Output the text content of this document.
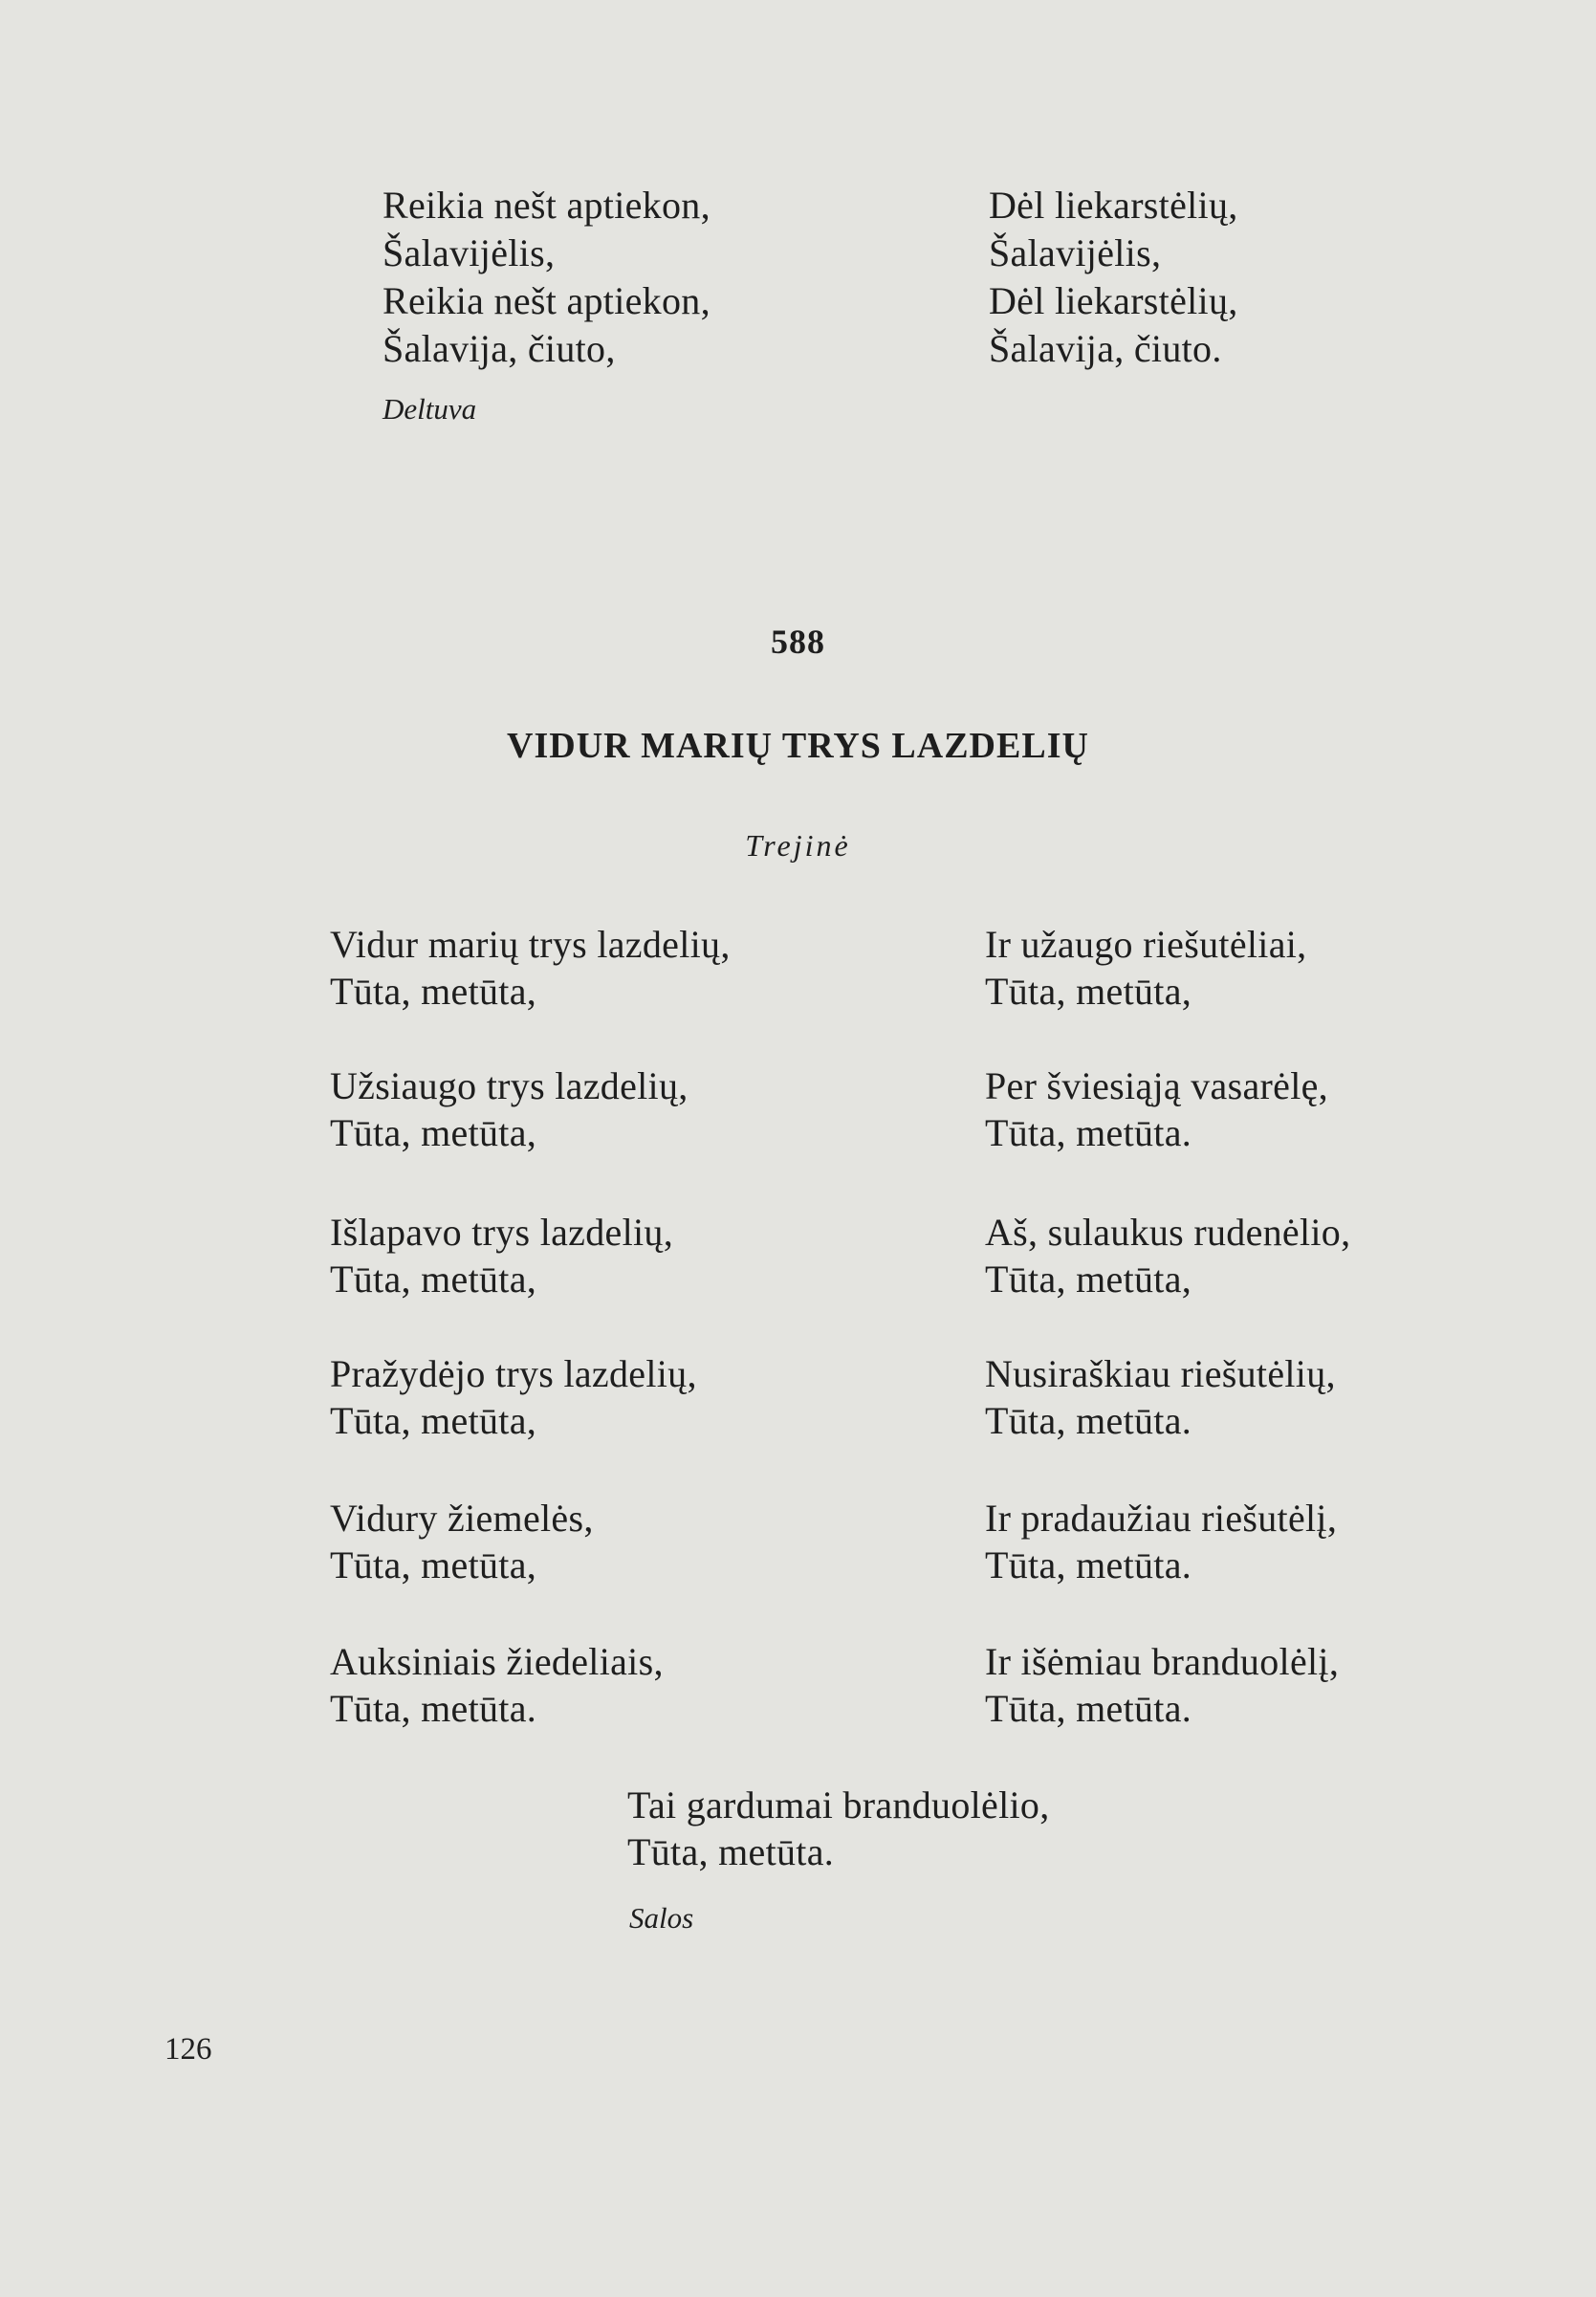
Reikia nešt aptiekon,
Šalavijėlis,
Reikia nešt aptiekon,
Šalavija, čiuto,
Dėl liekarstėlių,
Šalavijėlis,
Dėl liekarstėlių,
Šalavija, čiuto.
Deltuva
588
VIDUR MARIŲ TRYS LAZDELIŲ
Trejinė
Vidur marių trys lazdelių,
Tūta, metūta,
Užsiaugo trys lazdelių,
Tūta, metūta,
Išlapavo trys lazdelių,
Tūta, metūta,
Pražydėjo trys lazdelių,
Tūta, metūta,
Vidury žiemelės,
Tūta, metūta,
Auksiniais žiedeliais,
Tūta, metūta.
Ir užaugo riešutėliai,
Tūta, metūta,
Per šviesiąją vasarėlę,
Tūta, metūta.
Aš, sulaukus rudenėlio,
Tūta, metūta,
Nusiraškiau riešutėlių,
Tūta, metūta.
Ir pradaužiau riešutėlį,
Tūta, metūta.
Ir išėmiau branduolėlį,
Tūta, metūta.
Tai gardumai branduolėlio,
Tūta, metūta.
Salos
126
